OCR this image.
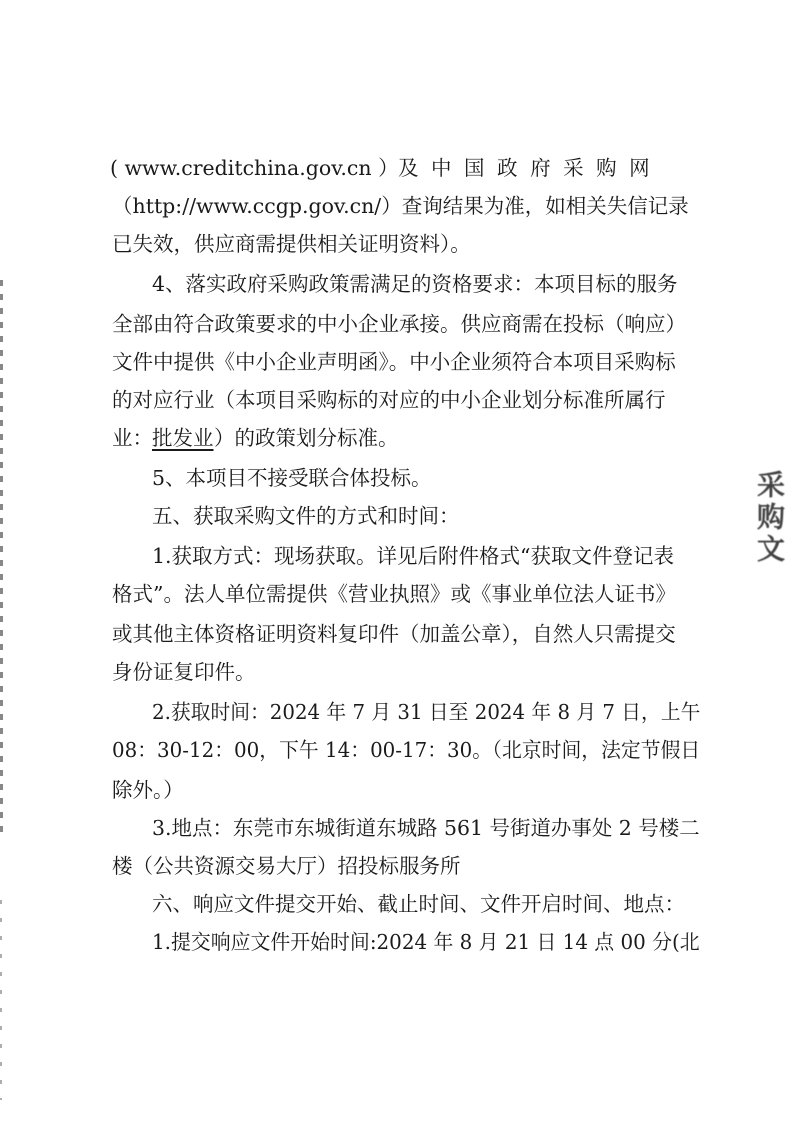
( www.creditchina.gov.cn ）

及 中 国 政 府 采 购 网

（http://www.ccgp.gov.cn/）查询结果为准，如相关失信记录

已失效，供应商需提供相关证明资料）。

4、落实政府采购政策需满足的资格要求：本项目标的服务

全部由符合政策要求的中小企业承接。供应商需在投标（响应）

文件中提供《中小企业声明函》。中小企业须符合本项目采购标

的对应行业（本项目采购标的对应的中小企业划分标准所属行

业：

批发业

）的政策划分标准。

5、本项目不接受联合体投标。

五、获取采购文件的方式和时间：

1.获取方式：现场获取。详见后附件格式“获取文件登记表

格式”。法人单位需提供《营业执照》或《事业单位法人证书》

或其他主体资格证明资料复印件（加盖公章），自然人只需提交

身份证复印件。

2.获取时间：2024 年 7 月 31 日至 2024 年 8 月 7 日，上午

08：30-12：00，下午 14：00-17：30。（北京时间，法定节假日

除外。）

3.地点：东莞市东城街道东城路 561 号街道办事处 2 号楼二

楼（公共资源交易大厅）招投标服务所

六、响应文件提交开始、截止时间、文件开启时间、地点：

1.提交响应文件开始时间:2024 年 8 月 21 日 14 点 00 分(北

采购文
